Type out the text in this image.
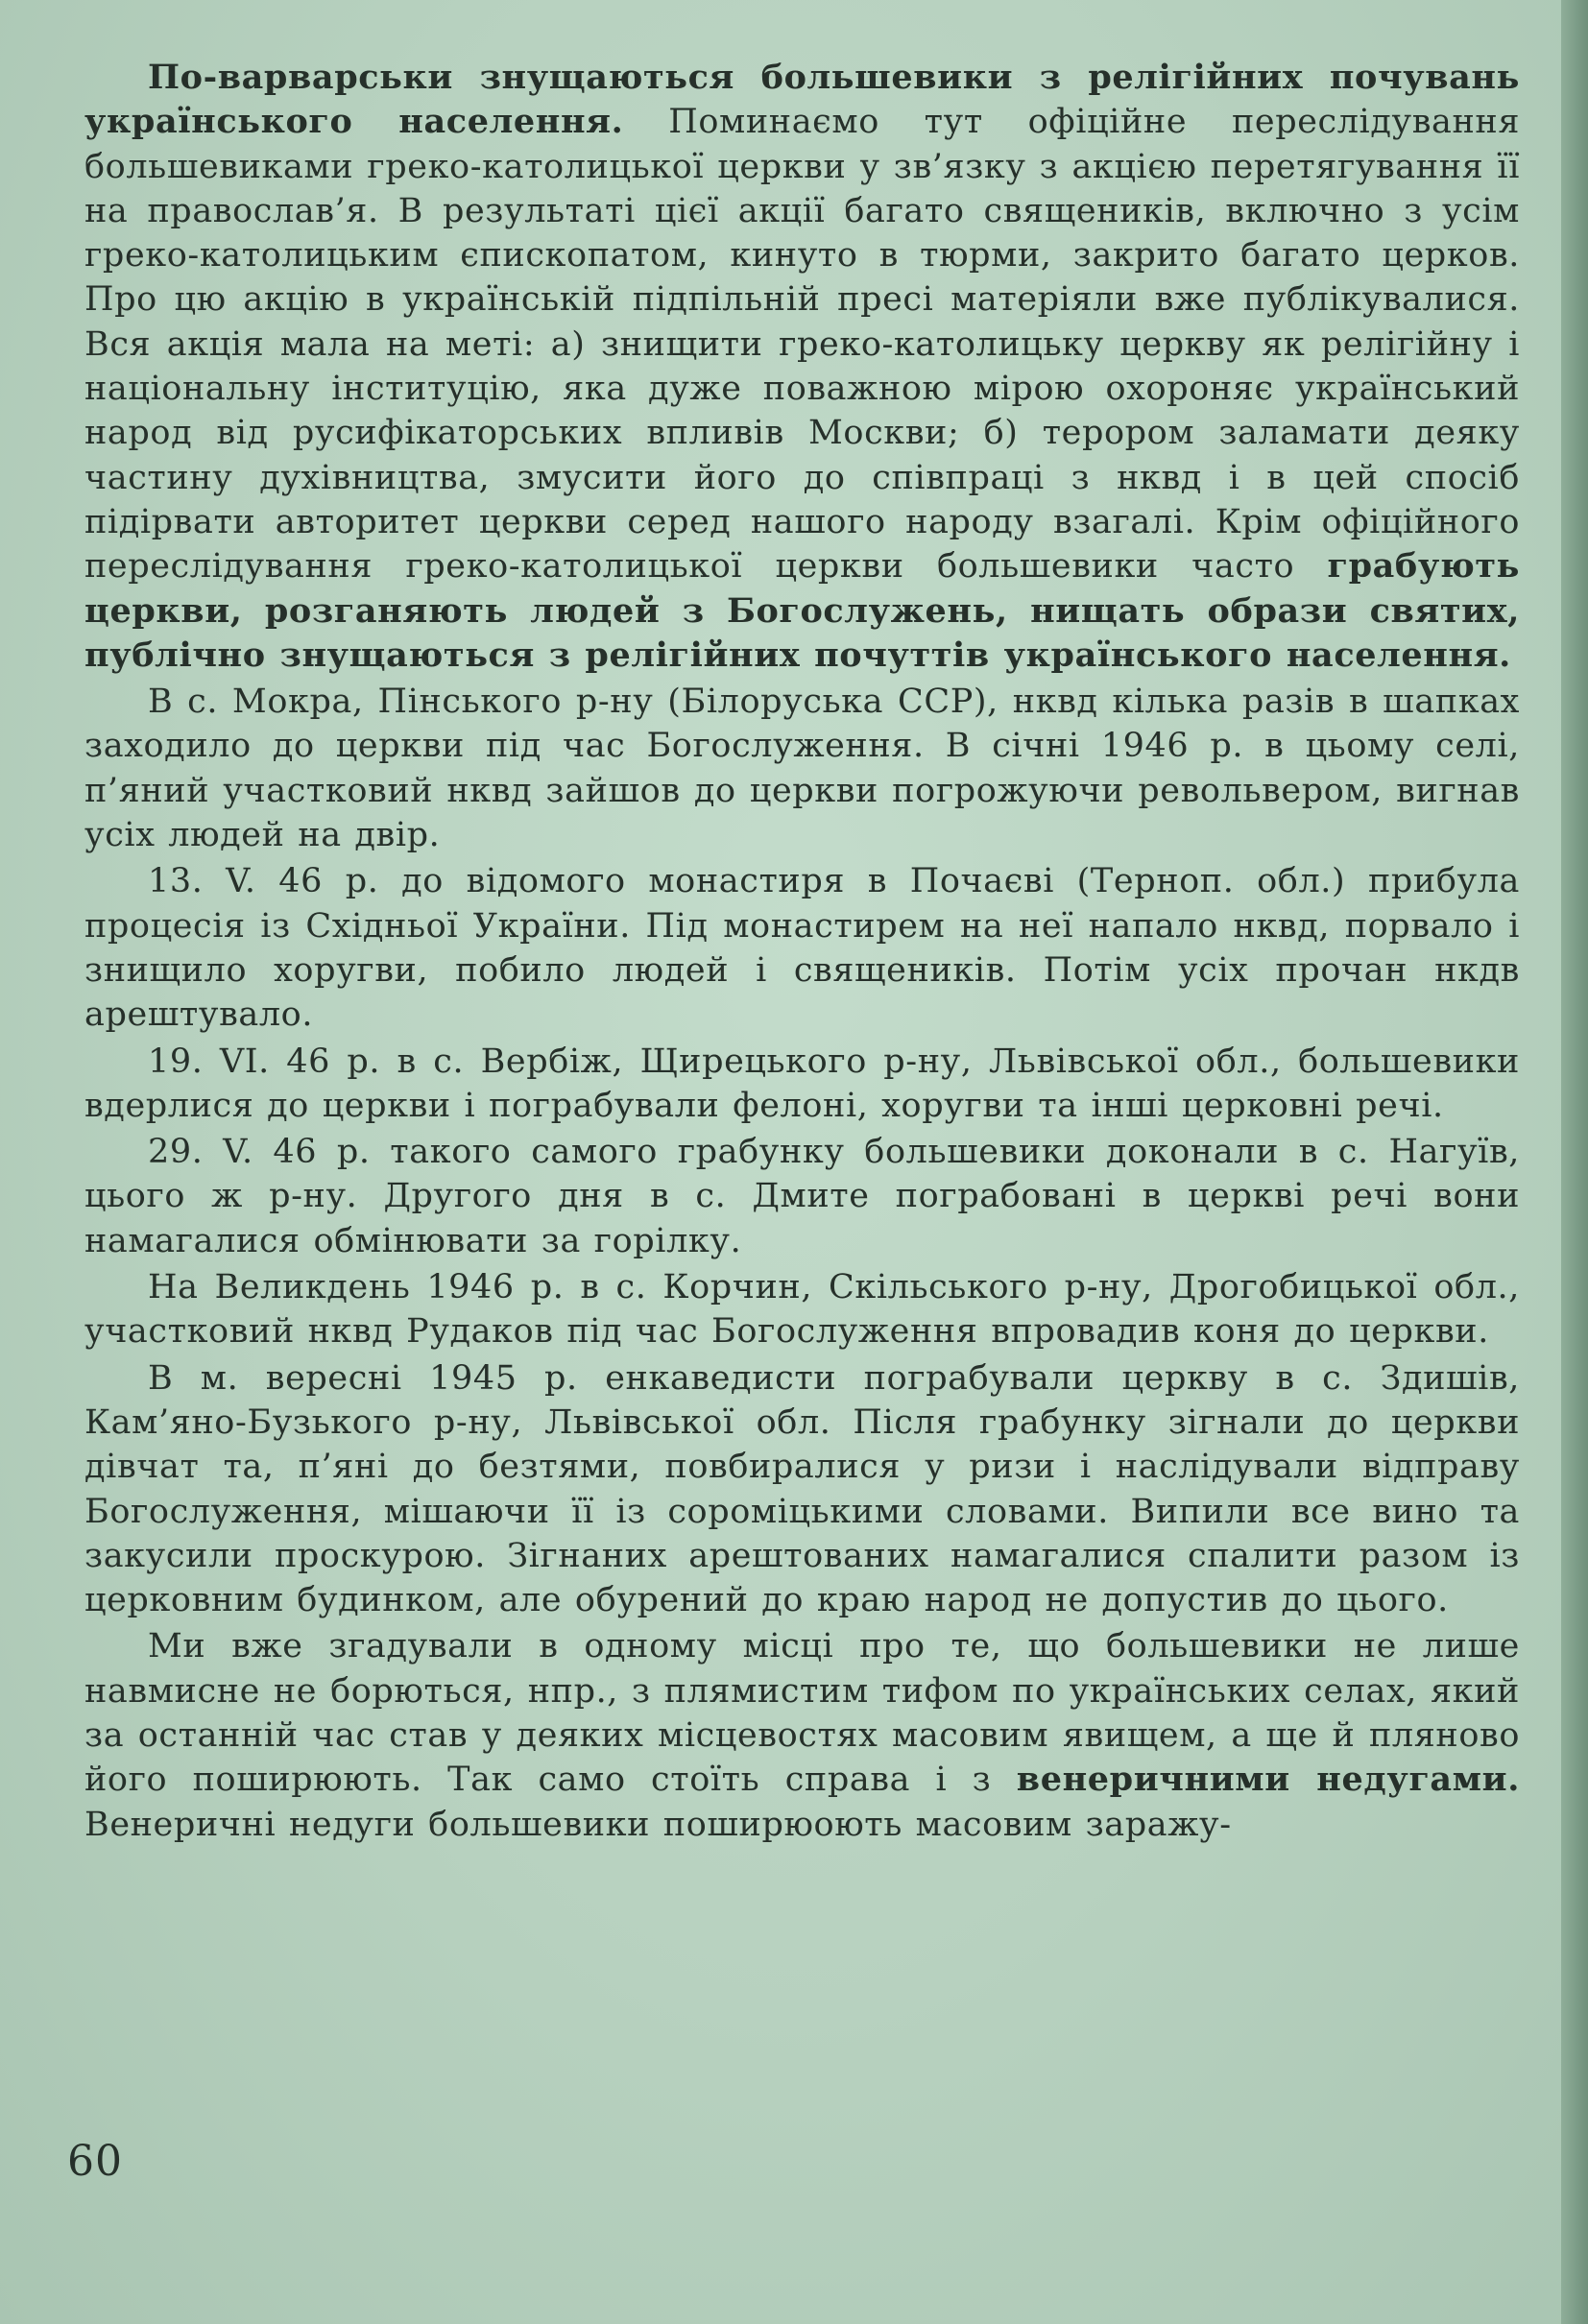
По-варварськи знущаються большевики з релігійних почувань українського населення. Поминаємо тут офіційне переслідування большевиками греко-католицької церкви у зв’язку з акцією перетягування її на православ’я. В результаті цієї акції багато священиків, включно з усім греко-католицьким єпископатом, кинуто в тюрми, закрито багато церков. Про цю акцію в українській підпільній пресі матеріяли вже публікувалися. Вся акція мала на меті: а) знищити греко-католицьку церкву як релігійну і національну інституцію, яка дуже поважною мірою охороняє український народ від русифікаторських впливів Москви; б) терором заламати деяку частину духівництва, змусити його до співпраці з нквд і в цей спосіб підірвати авторитет церкви серед нашого народу взагалі. Крім офіційного переслідування греко-католицької церкви большевики часто грабують церкви, розганяють людей з Богослужень, нищать образи святих, публічно знущаються з релігійних почуттів українського населення.

В с. Мокра, Пінського р-ну (Білоруська ССР), нквд кілька разів в шапках заходило до церкви під час Богослуження. В січні 1946 р. в цьому селі, п’яний участковий нквд зайшов до церкви погрожуючи револьвером, вигнав усіх людей на двір.

13. V. 46 р. до відомого монастиря в Почаєві (Терноп. обл.) прибула процесія із Східньої України. Під монастирем на неї напало нквд, порвало і знищило хоругви, побило людей і священиків. Потім усіх прочан нкдв арештувало.

19. VI. 46 р. в с. Вербіж, Щирецького р-ну, Львівської обл., большевики вдерлися до церкви і пограбували фелоні, хоругви та інші церковні речі.

29. V. 46 р. такого самого грабунку большевики доконали в с. Нагуїв, цього ж р-ну. Другого дня в с. Дмите пограбовані в церкві речі вони намагалися обмінювати за горілку.

На Великдень 1946 р. в с. Корчин, Скільського р-ну, Дрогобицької обл., участковий нквд Рудаков під час Богослуження впровадив коня до церкви.

В м. вересні 1945 р. енкаведисти пограбували церкву в с. Здишів, Кам’яно-Бузького р-ну, Львівської обл. Після грабунку зігнали до церкви дівчат та, п’яні до безтями, повбиралися у ризи і наслідували відправу Богослуження, мішаючи її із сороміцькими словами. Випили все вино та закусили проскурою. Зігнаних арештованих намагалися спалити разом із церковним будинком, але обурений до краю народ не допустив до цього.

Ми вже згадували в одному місці про те, що большевики не лише навмисне не борються, нпр., з плямистим тифом по українських селах, який за останній час став у деяких місцевостях масовим явищем, а ще й пляново його поширюють. Так само стоїть справа і з венеричними недугами. Венеричні недуги большевики поширюоють масовим заражу-

60
